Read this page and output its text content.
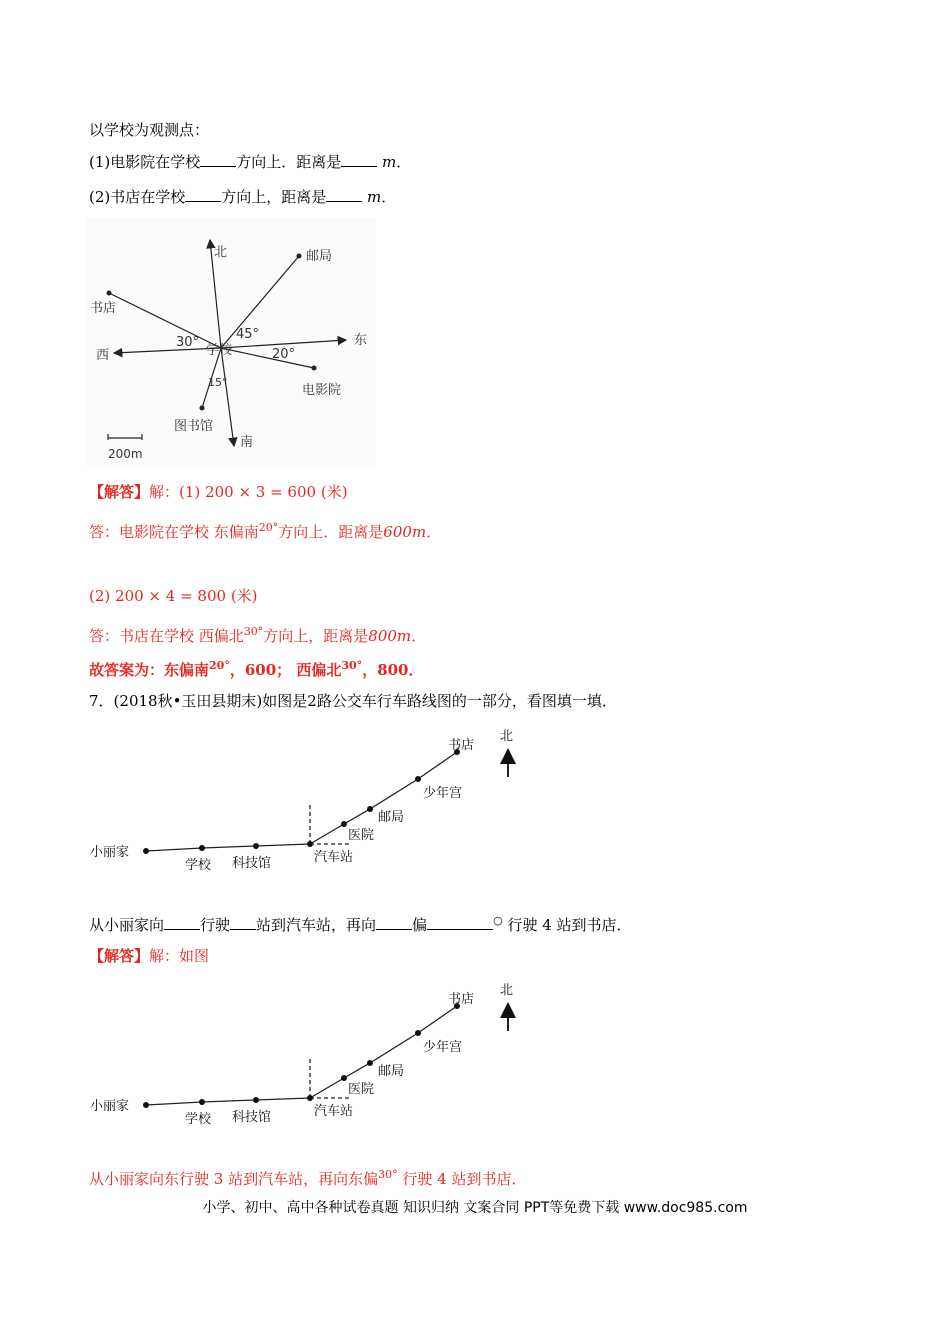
以学校为观测点：
(1)电影院在学校 方向上．距离是	m．
(2)书店在学校 方向上，距离是	m．
北
南
东
西	学校
邮局
书店
电影院
图书馆
45°
30°
20°
15°
200m
【解答】解：(1) 200 × 3 = 600 (米)
答：电影院在学校 东偏南$^{20^\circ}$方向上．距离是600m．
(2) 200 × 4 = 800 (米)
答：书店在学校 西偏北$^{30^\circ}$方向上，距离是800m．
故答案为：东偏南$^{20^\circ}$，600； 西偏北$^{30^\circ}$，800．
7．(2018秋•玉田县期末)如图是2路公交车行车路线图的一部分，看图填一填．
小丽家
学校 科技馆	汽车站
医院
邮局
少年宫
书店
北
从小丽家向 行驶 站到汽车站，再向 偏	○ 行驶 4 站到书店．
【解答】解：如图
小丽家
学校 科技馆	汽车站
医院
邮局
少年宫
书店
北
从小丽家向东行驶 3 站到汽车站，再向东偏$^{30^\circ}$ 行驶 4 站到书店．
小学、初中、高中各种试卷真题 知识归纳 文案合同 PPT等免费下载 www.doc985.com
